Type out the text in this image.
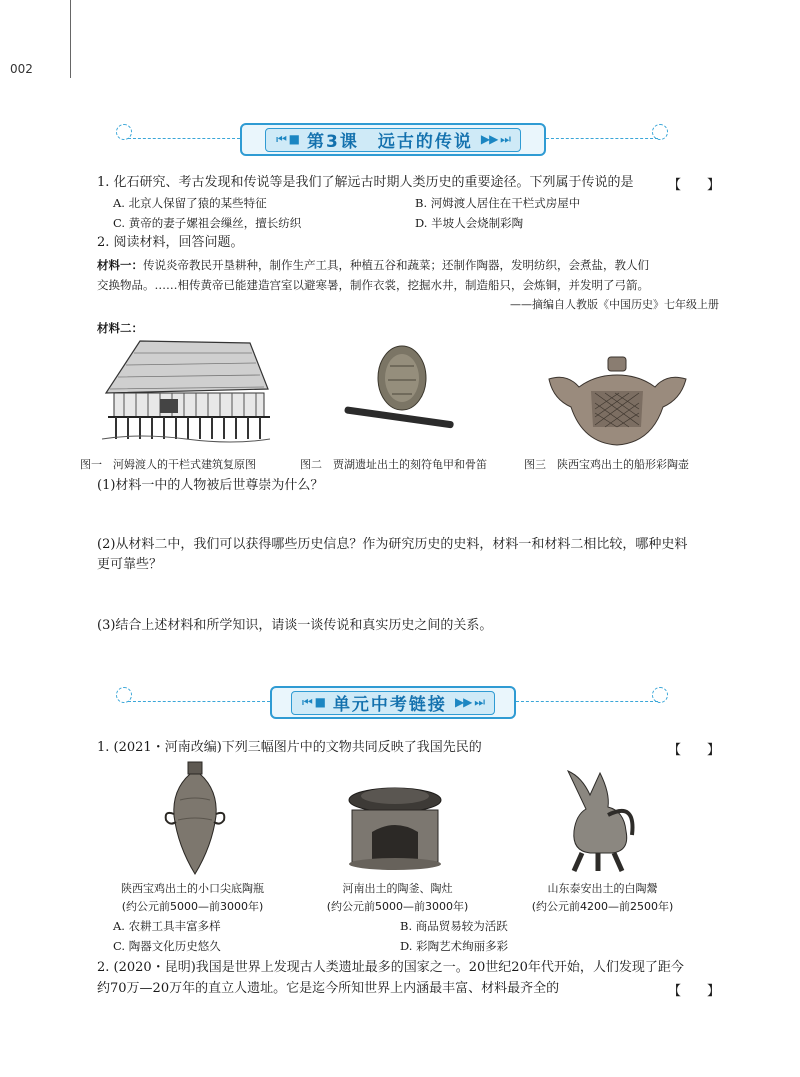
002
⏮ ■ 第3课　远古的传说 ▶▶ ⏭
1. 化石研究、考古发现和传说等是我们了解远古时期人类历史的重要途径。下列属于传说的是	【　　】
A. 北京人保留了猿的某些特征	B. 河姆渡人居住在干栏式房屋中
C. 黄帝的妻子嫘祖会缫丝，擅长纺织	D. 半坡人会烧制彩陶
2. 阅读材料，回答问题。
材料一：传说炎帝教民开垦耕种，制作生产工具，种植五谷和蔬菜；还制作陶器，发明纺织，会煮盐，教人们
交换物品。……相传黄帝已能建造宫室以避寒暑，制作衣裳，挖掘水井，制造船只，会炼铜，并发明了弓箭。
——摘编自人教版《中国历史》七年级上册
材料二：
图一　河姆渡人的干栏式建筑复原图	图二　贾湖遗址出土的刻符龟甲和骨笛	图三　陕西宝鸡出土的船形彩陶壶
(1)材料一中的人物被后世尊崇为什么？
(2)从材料二中，我们可以获得哪些历史信息？作为研究历史的史料，材料一和材料二相比较，哪种史料
更可靠些？
(3)结合上述材料和所学知识，请谈一谈传说和真实历史之间的关系。
⏮ ■ 单元中考链接 ▶▶ ⏭
1. (2021・河南改编)下列三幅图片中的文物共同反映了我国先民的	【　　】
陕西宝鸡出土的小口尖底陶瓶
(约公元前5000—前3000年)
河南出土的陶釜、陶灶
(约公元前5000—前3000年)
山东泰安出土的白陶鬶
(约公元前4200—前2500年)
A. 农耕工具丰富多样	B. 商品贸易较为活跃
C. 陶器文化历史悠久	D. 彩陶艺术绚丽多彩
2. (2020・昆明)我国是世界上发现古人类遗址最多的国家之一。20世纪20年代开始，人们发现了距今
约70万—20万年的直立人遗址。它是迄今所知世界上内涵最丰富、材料最齐全的	【　　】
